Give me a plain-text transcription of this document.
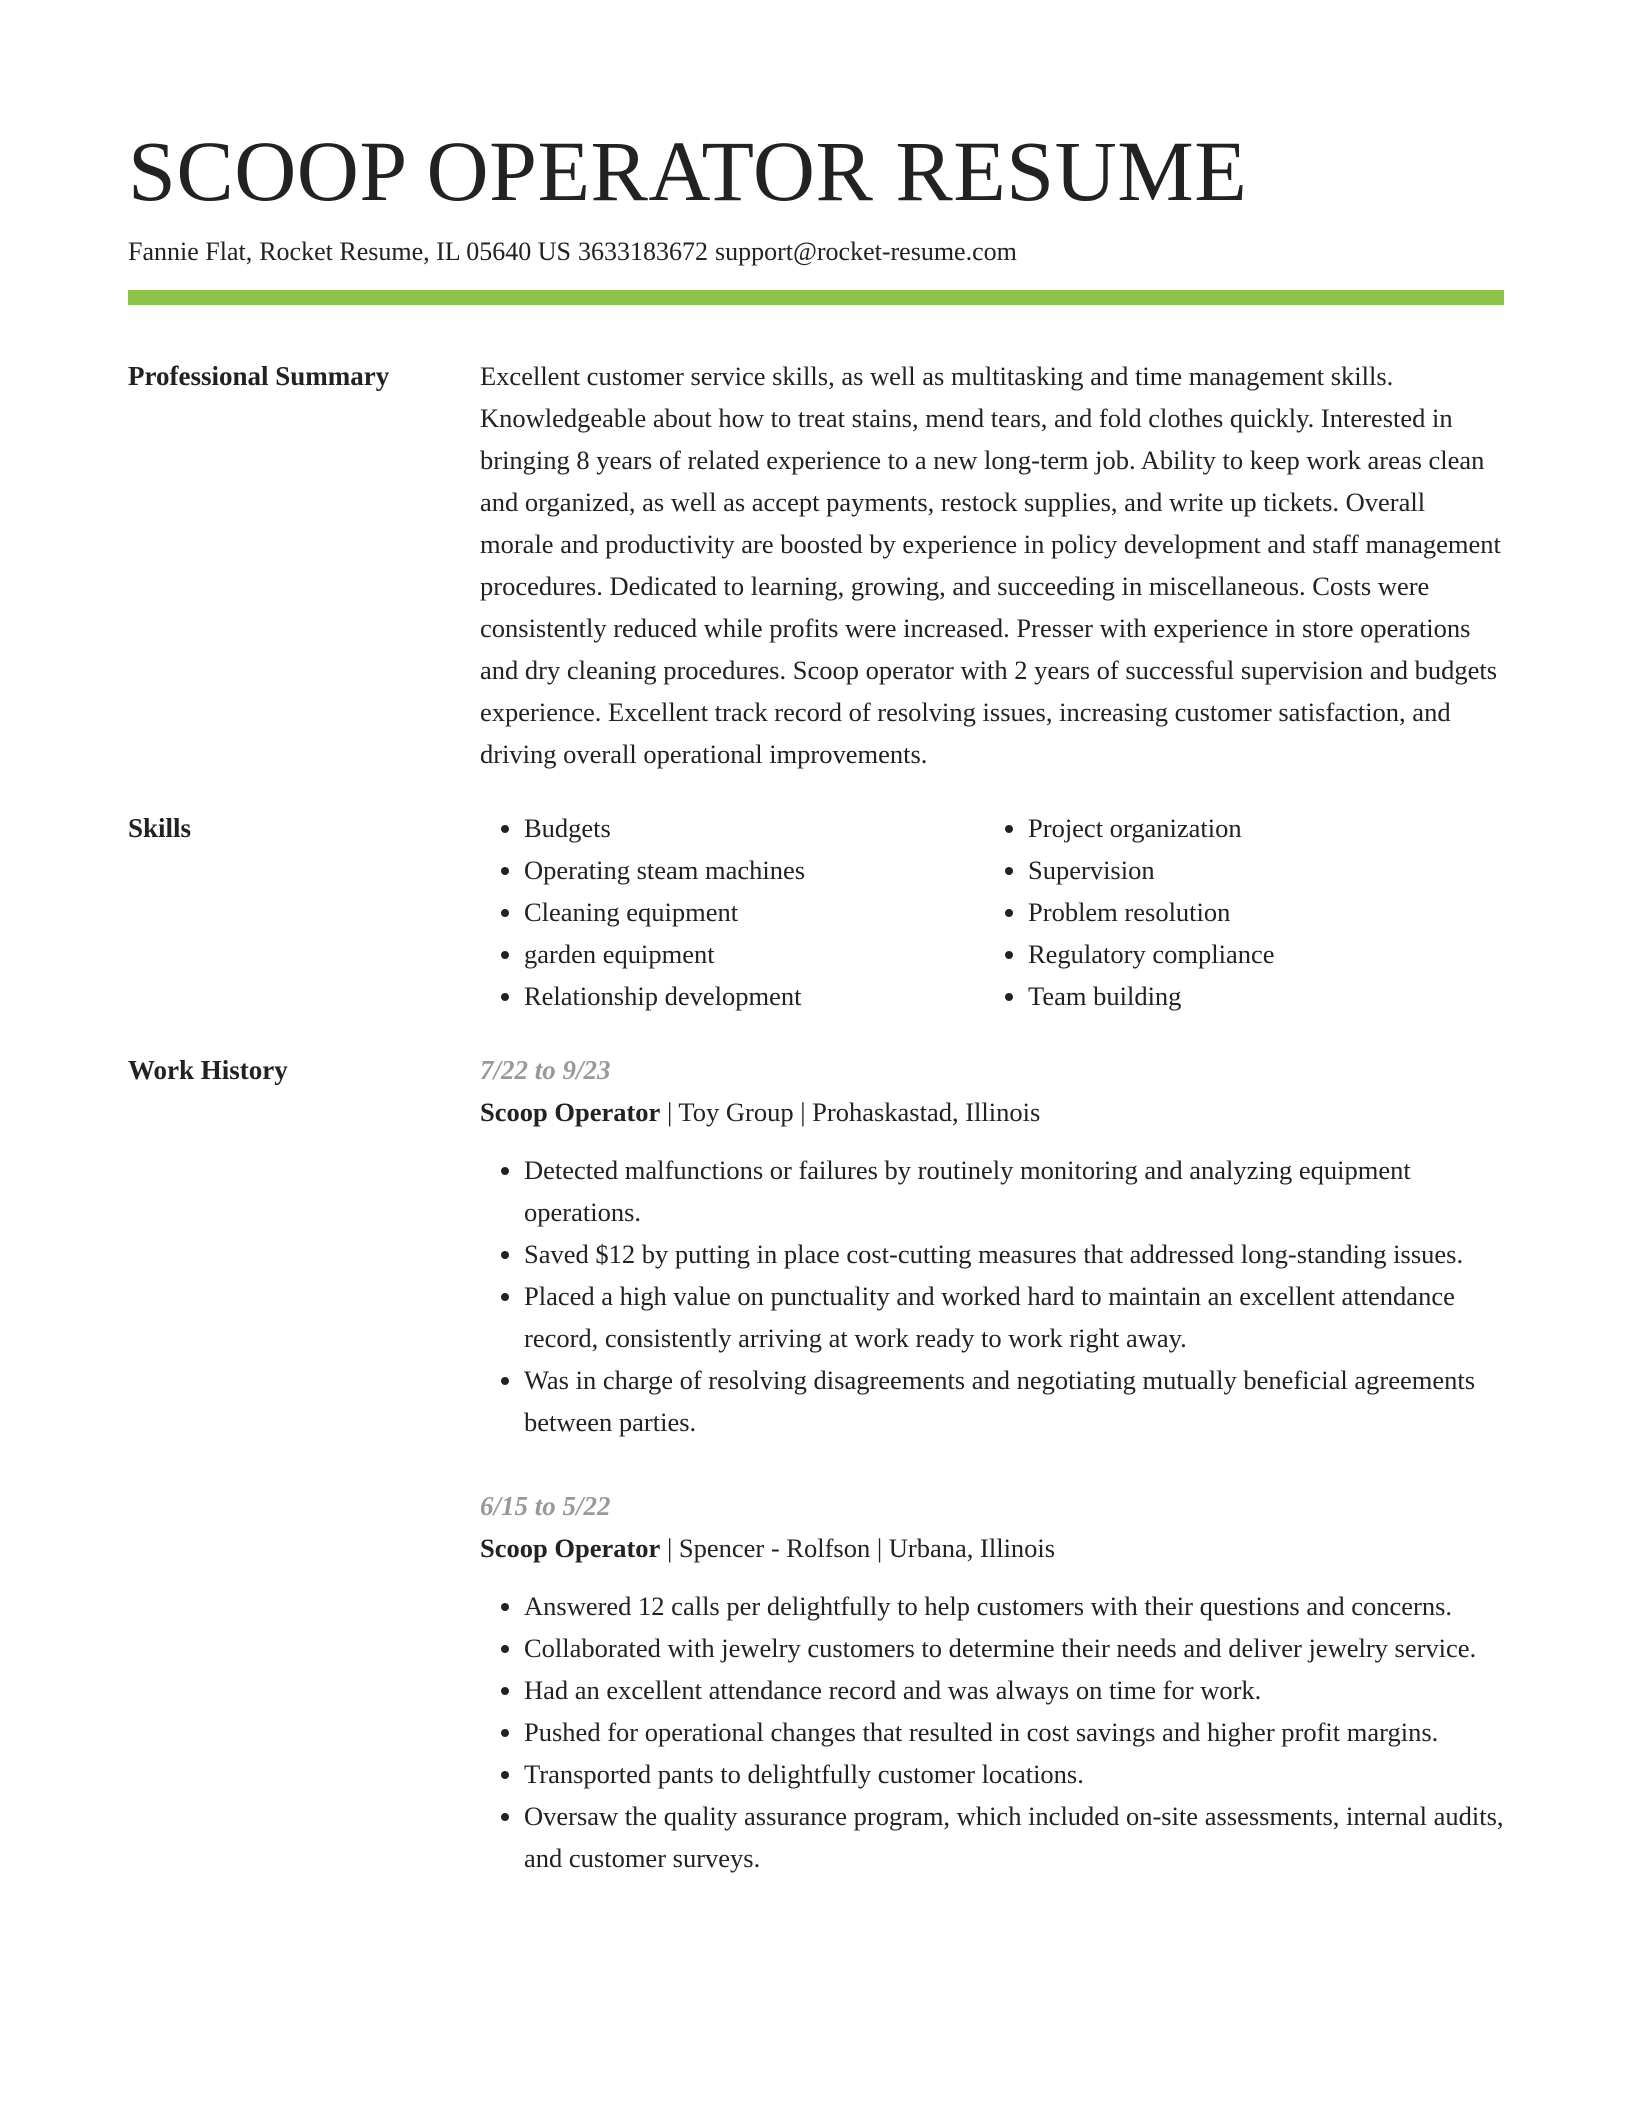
SCOOP OPERATOR RESUME
Fannie Flat, Rocket Resume, IL 05640 US 3633183672 support@rocket-resume.com
Professional Summary	Excellent customer service skills, as well as multitasking and time management skills. Knowledgeable about how to treat stains, mend tears, and fold clothes quickly. Interested in bringing 8 years of related experience to a new long-term job. Ability to keep work areas clean and organized, as well as accept payments, restock supplies, and write up tickets. Overall morale and productivity are boosted by experience in policy development and staff management procedures. Dedicated to learning, growing, and succeeding in miscellaneous. Costs were consistently reduced while profits were increased. Presser with experience in store operations and dry cleaning procedures. Scoop operator with 2 years of successful supervision and budgets experience. Excellent track record of resolving issues, increasing customer satisfaction, and driving overall operational improvements.

Skills
•	Budgets
• Operating steam machines
• Cleaning equipment
• garden equipment
• Relationship development
• Project organization
• Supervision
• Problem resolution
• Regulatory compliance
• Team building
Work History	7/22 to 9/23
Scoop Operator | Toy Group | Prohaskastad, Illinois
• Detected malfunctions or failures by routinely monitoring and analyzing equipment operations.
• Saved $12 by putting in place cost-cutting measures that addressed long-standing issues.
• Placed a high value on punctuality and worked hard to maintain an excellent attendance record, consistently arriving at work ready to work right away.
• Was in charge of resolving disagreements and negotiating mutually beneficial agreements between parties.
6/15 to 5/22
Scoop Operator | Spencer - Rolfson | Urbana, Illinois
• Answered 12 calls per delightfully to help customers with their questions and concerns.
• Collaborated with jewelry customers to determine their needs and deliver jewelry service.
• Had an excellent attendance record and was always on time for work.
• Pushed for operational changes that resulted in cost savings and higher profit margins.
• Transported pants to delightfully customer locations.
• Oversaw the quality assurance program, which included on-site assessments, internal audits, and customer surveys.
